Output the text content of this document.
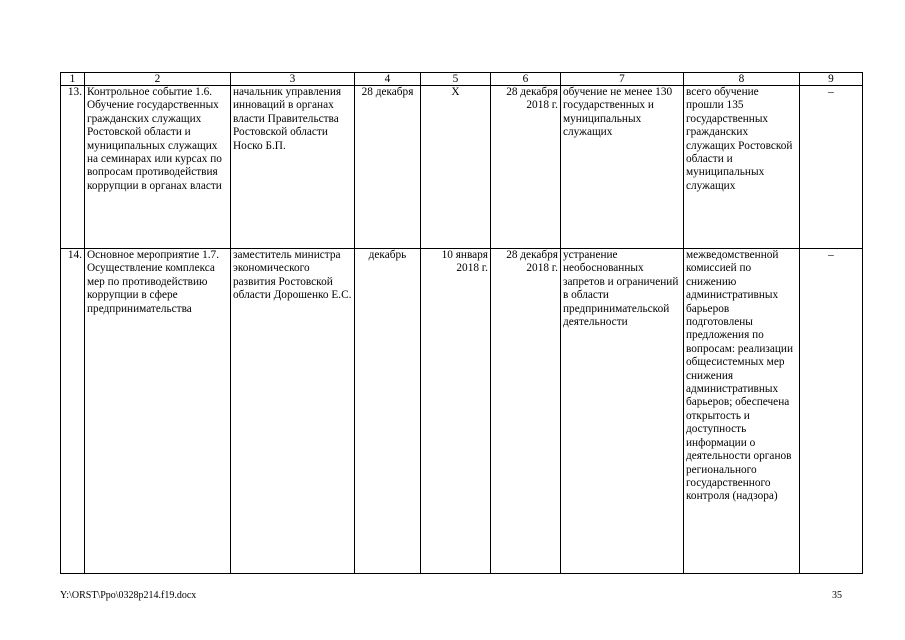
1	2	3	4	5	6	7	8	9
13.	Контрольное событие 1.6. Обучение государственных гражданских служащих Ростовской области и муниципальных служащих на семинарах или курсах по вопросам противодействия коррупции в органах власти	начальник управления инноваций в органах власти Правительства Ростовской области Носко Б.П.	28 декабря	Х	28 декабря 2018 г.	обучение не менее 130 государственных и муниципальных служащих	всего обучение прошли 135 государственных гражданских служащих Ростовской области и муниципальных служащих	–
14.	Основное мероприятие 1.7. Осуществление комплекса мер по противодействию коррупции в сфере предпринимательства	заместитель министра экономического развития Ростовской области Дорошенко Е.С.	декабрь	10 января 2018 г.	28 декабря 2018 г.	устранение необоснованных запретов и ограничений в области предпринимательской деятельности	межведомственной комиссией по снижению административных барьеров подготовлены предложения по вопросам: реализации общесистемных мер снижения административных барьеров; обеспечена открытость и доступность информации о деятельности органов регионального государственного контроля (надзора)	–
Y:\ORST\Ppo\0328p214.f19.docx	35
